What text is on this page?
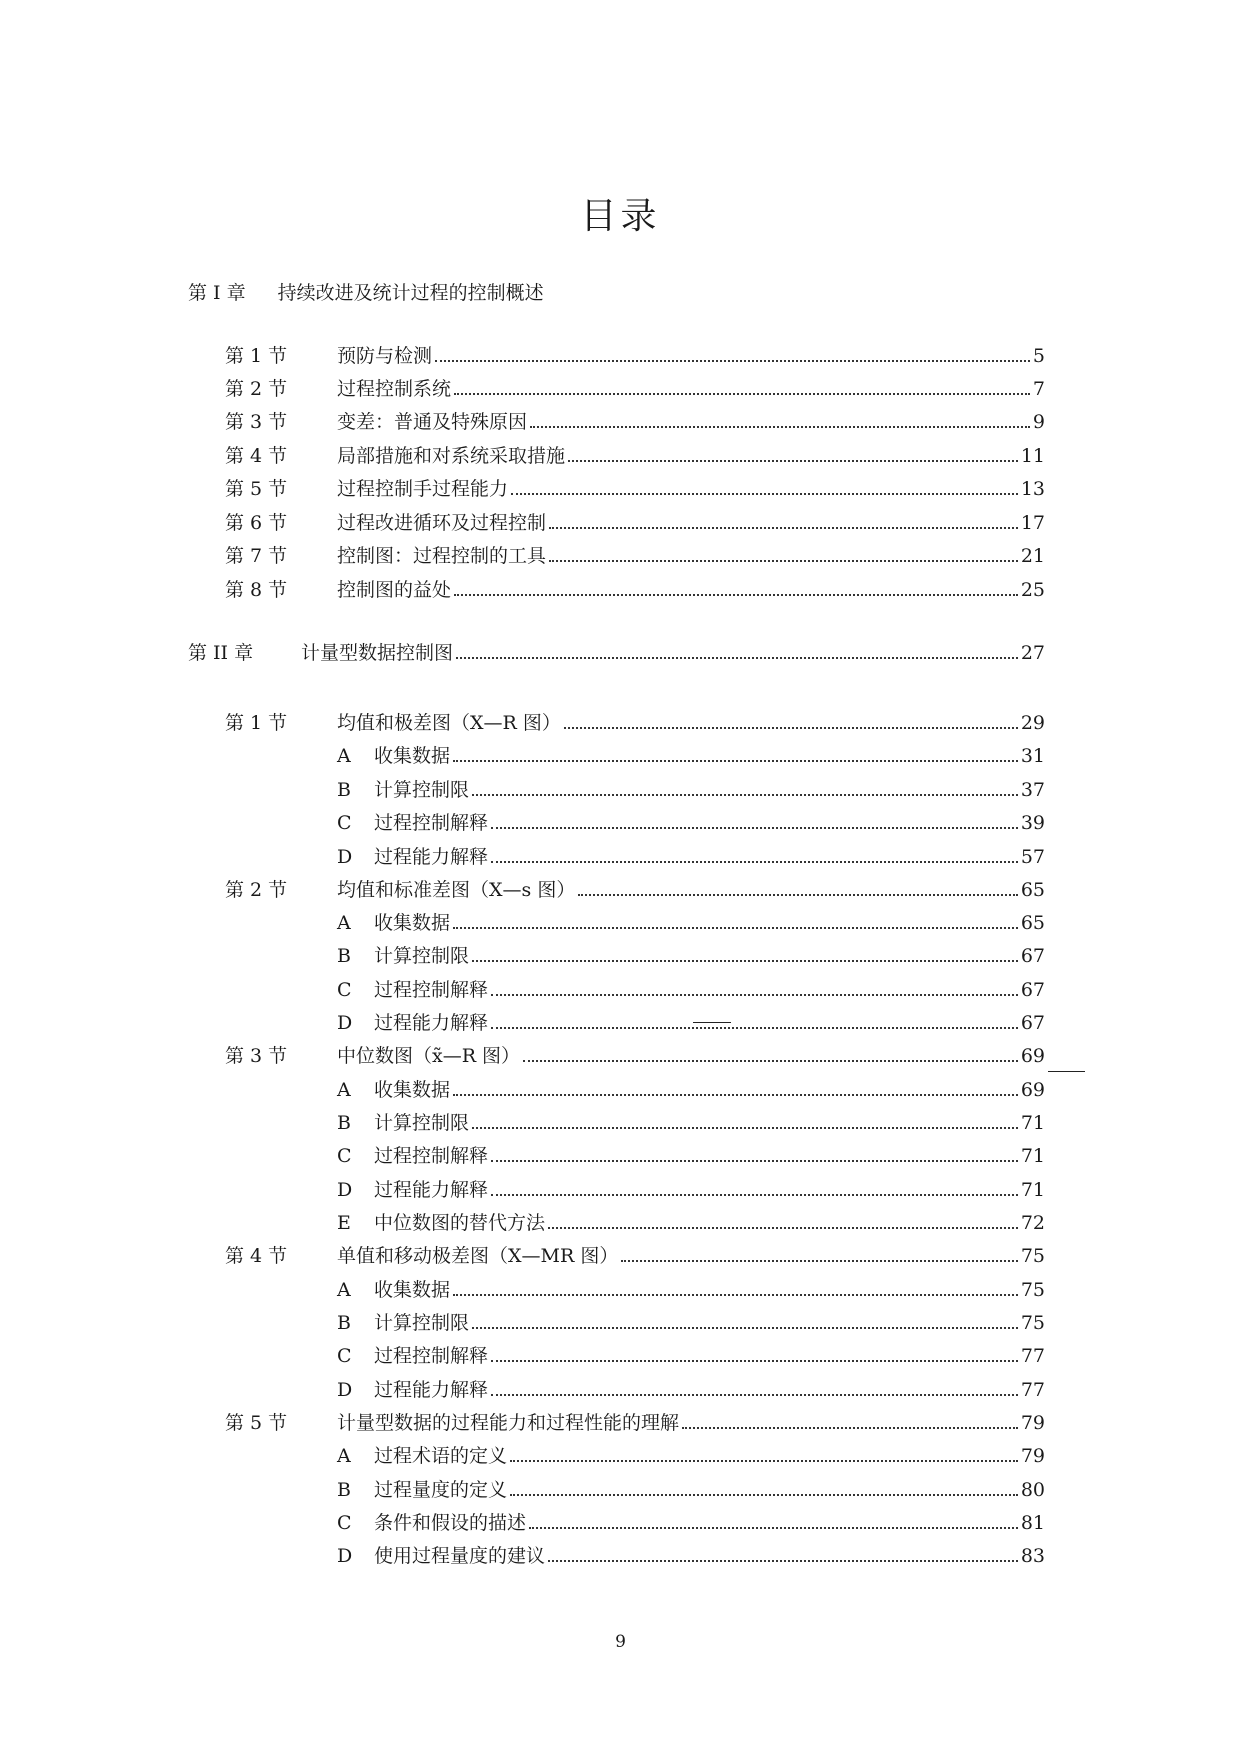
目录
第 I 章 持续改进及统计过程的控制概述
第 1 节	预防与检测	5
第 2 节	过程控制系统	7
第 3 节	变差：普通及特殊原因	9
第 4 节	局部措施和对系统采取措施	11
第 5 节	过程控制手过程能力	13
第 6 节	过程改进循环及过程控制	17
第 7 节	控制图：过程控制的工具	21
第 8 节	控制图的益处	25
第 II 章	计量型数据控制图	27
第 1 节	均值和极差图（X—R 图）	29
A	收集数据	31
B	计算控制限	37
C	过程控制解释	39
D	过程能力解释	57
第 2 节	均值和标准差图（X—s 图）	65
A	收集数据	65
B	计算控制限	67
C	过程控制解释	67
D	过程能力解释	67
第 3 节	中位数图（x̃—R 图）	69
A	收集数据	69
B	计算控制限	71
C	过程控制解释	71
D	过程能力解释	71
E	中位数图的替代方法	72
第 4 节	单值和移动极差图（X—MR 图）	75
A	收集数据	75
B	计算控制限	75
C	过程控制解释	77
D	过程能力解释	77
第 5 节	计量型数据的过程能力和过程性能的理解	79
A	过程术语的定义	79
B	过程量度的定义	80
C	条件和假设的描述	81
D	使用过程量度的建议	83
9
